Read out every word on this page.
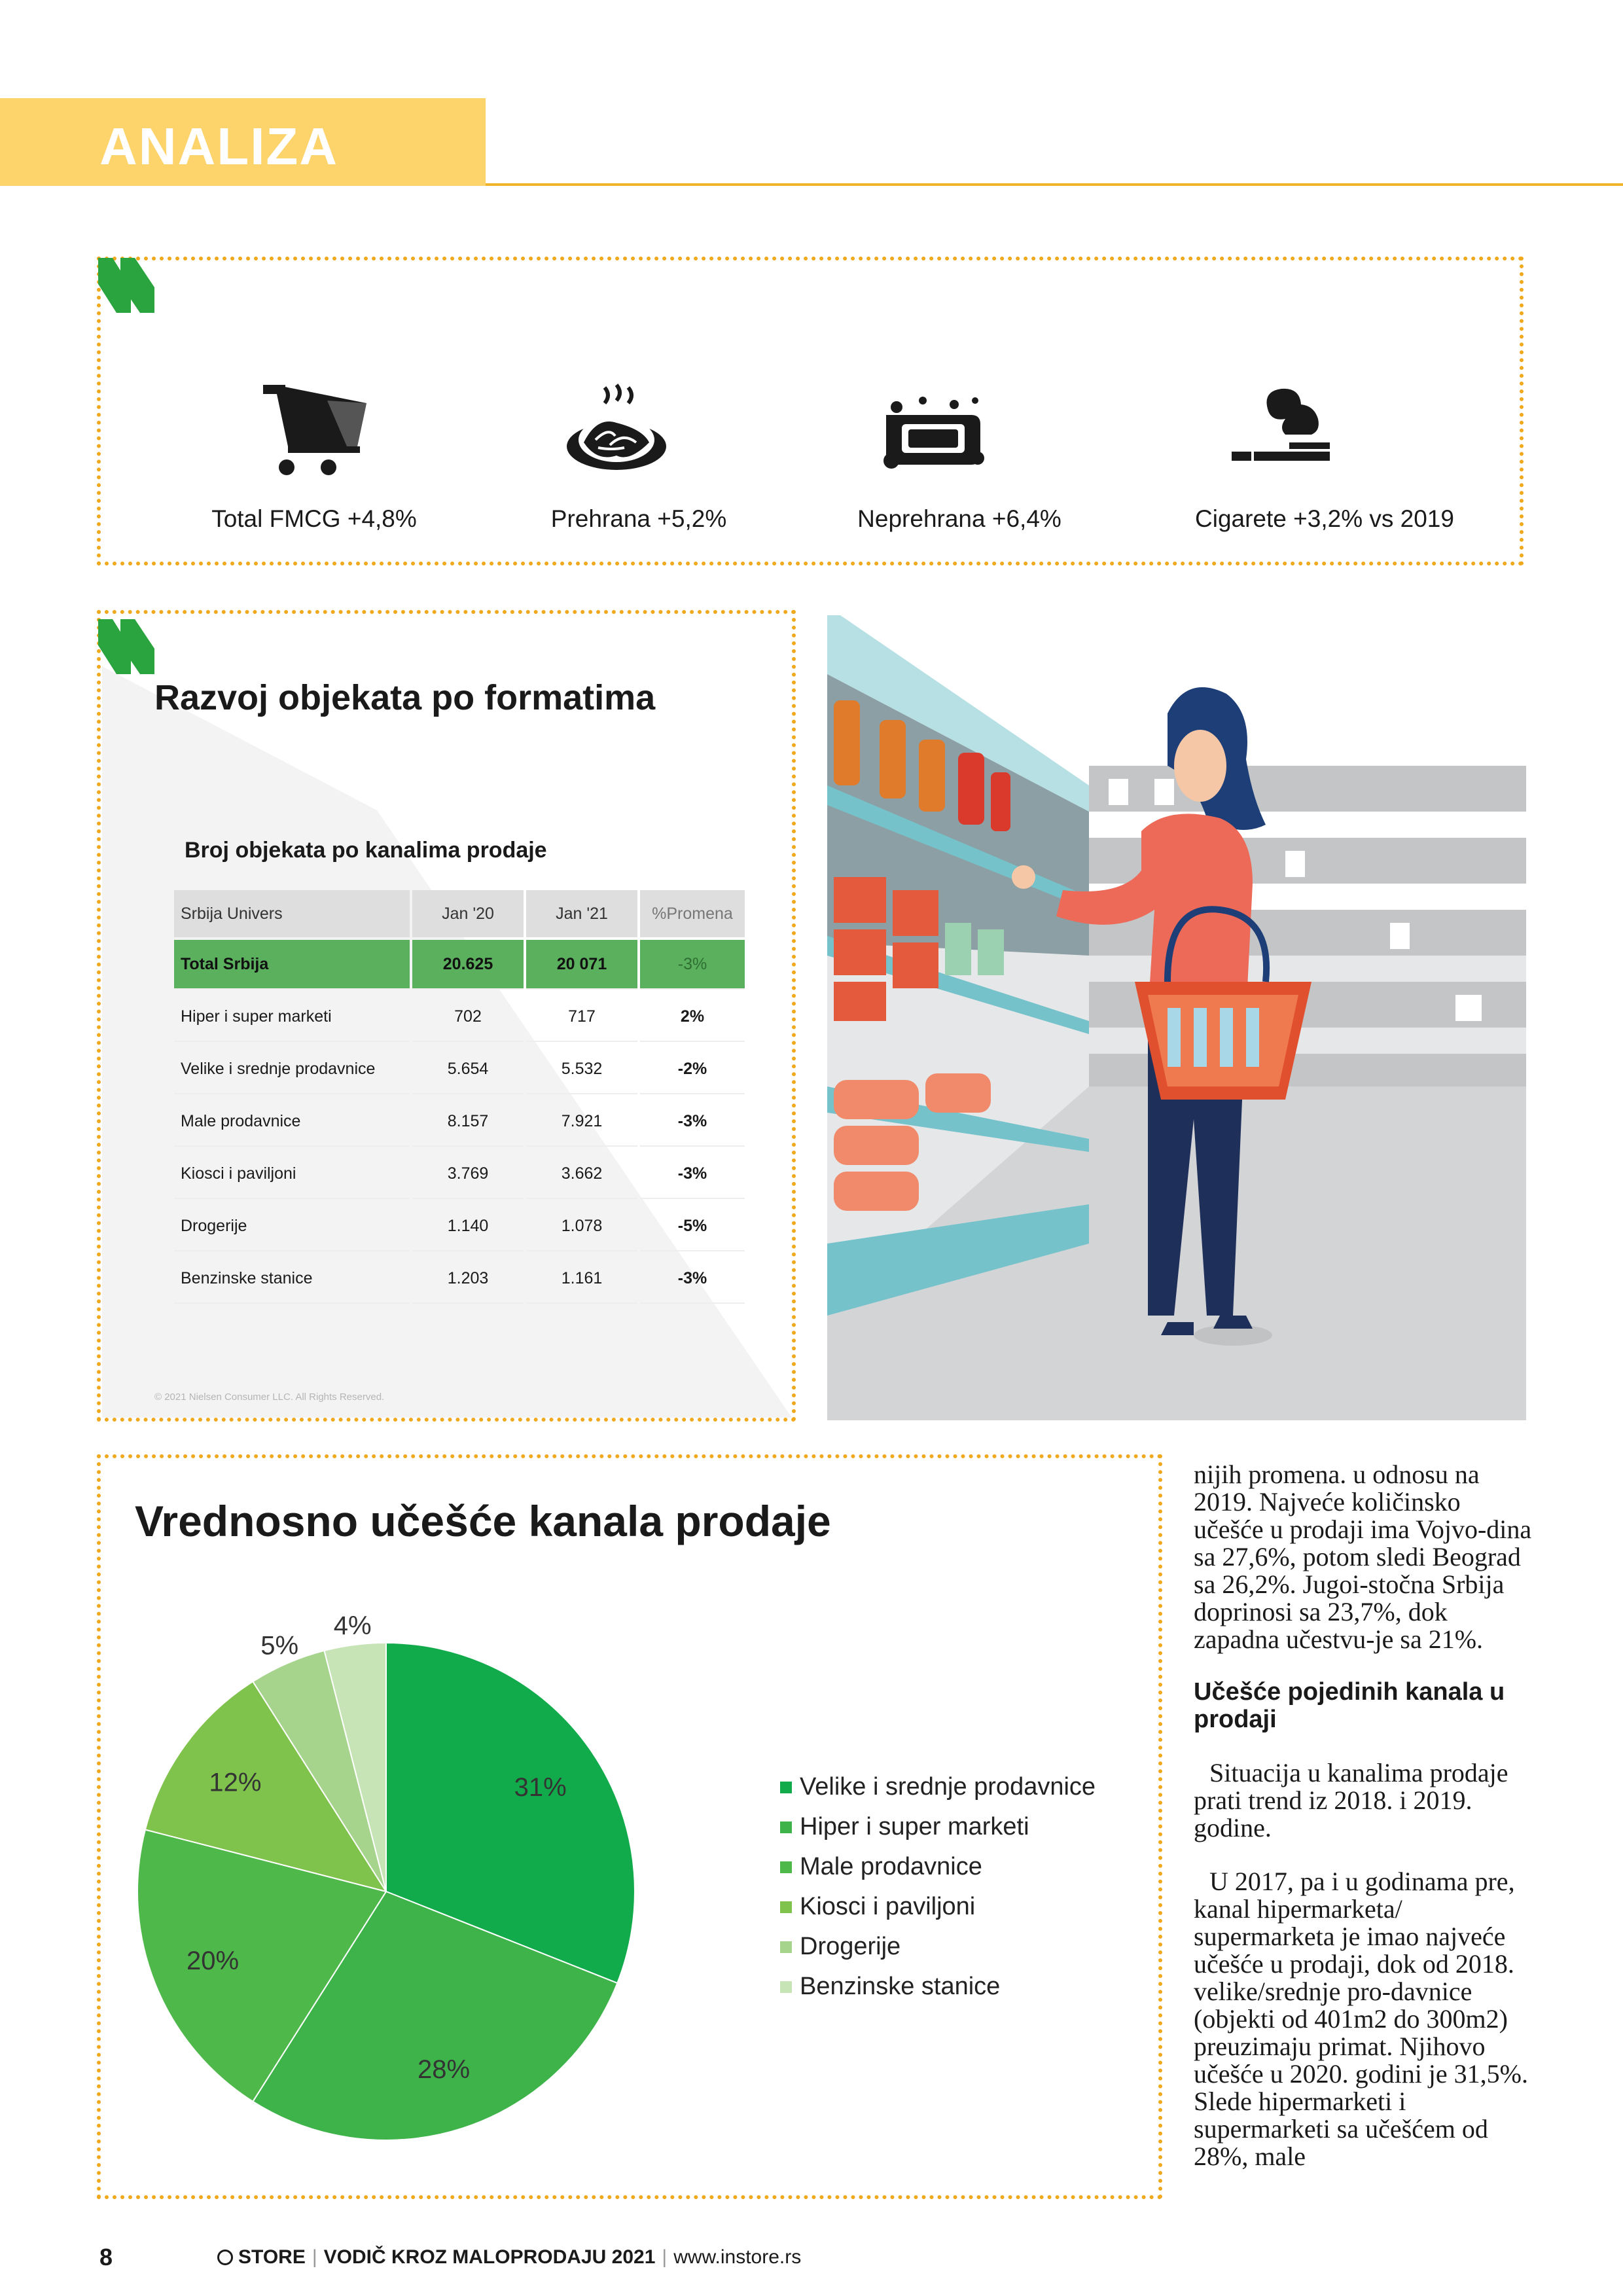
ANALIZA
Total FMCG +4,8%	Prehrana +5,2%	Neprehrana +6,4%	Cigarete +3,2% vs 2019
Razvoj objekata po formatima
Broj objekata po kanalima prodaje
Srbija Univers	Jan '20	Jan '21	%Promena
Total Srbija	20.625	20 071	-3%
Hiper i super marketi	702	717	2%
Velike i srednje prodavnice	5.654	5.532	-2%
Male prodavnice	8.157	7.921	-3%
Kiosci i paviljoni	3.769	3.662	-3%
Drogerije	1.140	1.078	-5%
Benzinske stanice	1.203	1.161	-3%
© 2021 Nielsen Consumer LLC. All Rights Reserved.
Vrednosno učešće kanala prodaje
31%
28%
20%
12%
5%
4%
Velike i srednje prodavnice
Hiper i super marketi
Male prodavnice
Kiosci i paviljoni
Drogerije
Benzinske stanice

nijih promena. u odnosu na 2019. Najveće količinsko učešće u prodaji ima Vojvo-dina sa 27,6%, potom sledi Beograd sa 26,2%. Jugoi-stočna Srbija doprinosi sa 23,7%, dok zapadna učestvu-je sa 21%.

Učešće pojedinih kanala u prodaji

Situacija u kanalima prodaje prati trend iz 2018. i 2019. godine.

U 2017, pa i u godinama pre, kanal hipermarketa/ supermarketa je imao najveće učešće u prodaji, dok od 2018. velike/srednje pro-davnice (objekti od 401m2 do 300m2) preuzimaju primat. Njihovo učešće u 2020. godini je 31,5%. Slede hipermarketi i supermarketi sa učešćem od 28%, male

8	STORE | VODIČ KROZ MALOPRODAJU 2021 | www.instore.rs
